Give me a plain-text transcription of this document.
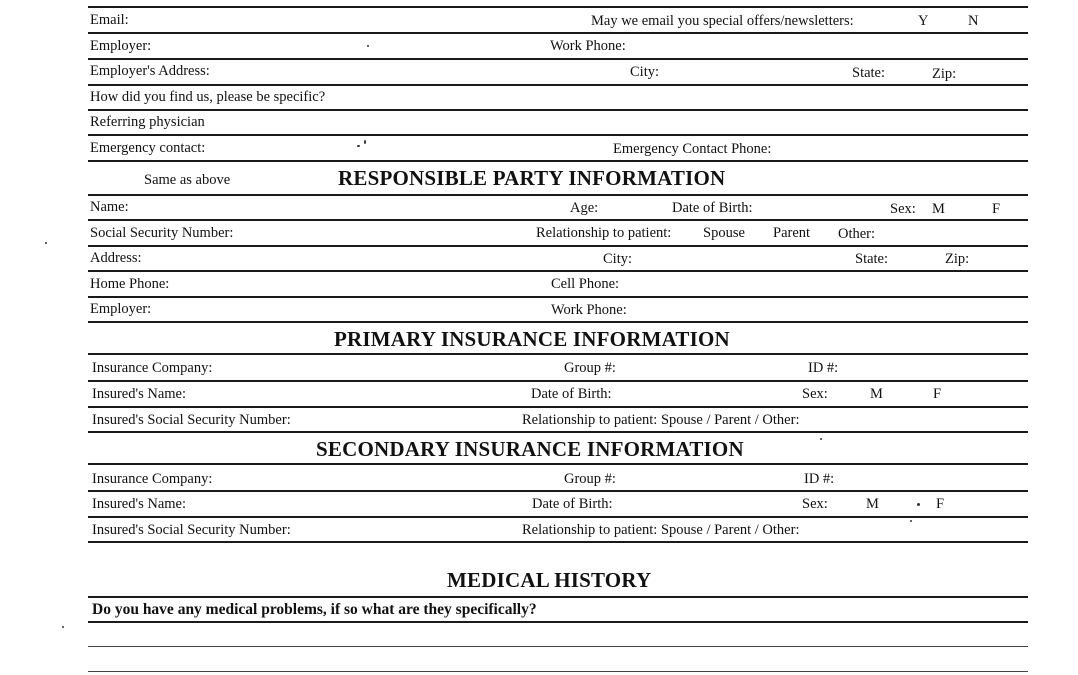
Email:	May we email you special offers/newsletters:	Y	N
Employer:	Work Phone:
Employer's Address:	City:	State:	Zip:
How did you find us, please be specific?
Referring physician
Emergency contact:	Emergency Contact Phone:
Same as above	RESPONSIBLE PARTY INFORMATION
Name:	Age:	Date of Birth:	Sex: M	F
Social Security Number:	Relationship to patient: Spouse Parent Other:
Address:	City:	State:	Zip:
Home Phone:	Cell Phone:
Employer:	Work Phone:
PRIMARY INSURANCE INFORMATION
Insurance Company:	Group #:	ID #:
Insured's Name:	Date of Birth:	Sex:	M	F
Insured's Social Security Number:	Relationship to patient: Spouse / Parent / Other:
SECONDARY INSURANCE INFORMATION
Insurance Company:	Group #:	ID #:
Insured's Name:	Date of Birth:	Sex:	M	F
Insured's Social Security Number:	Relationship to patient: Spouse / Parent / Other:
MEDICAL HISTORY
Do you have any medical problems, if so what are they specifically?
